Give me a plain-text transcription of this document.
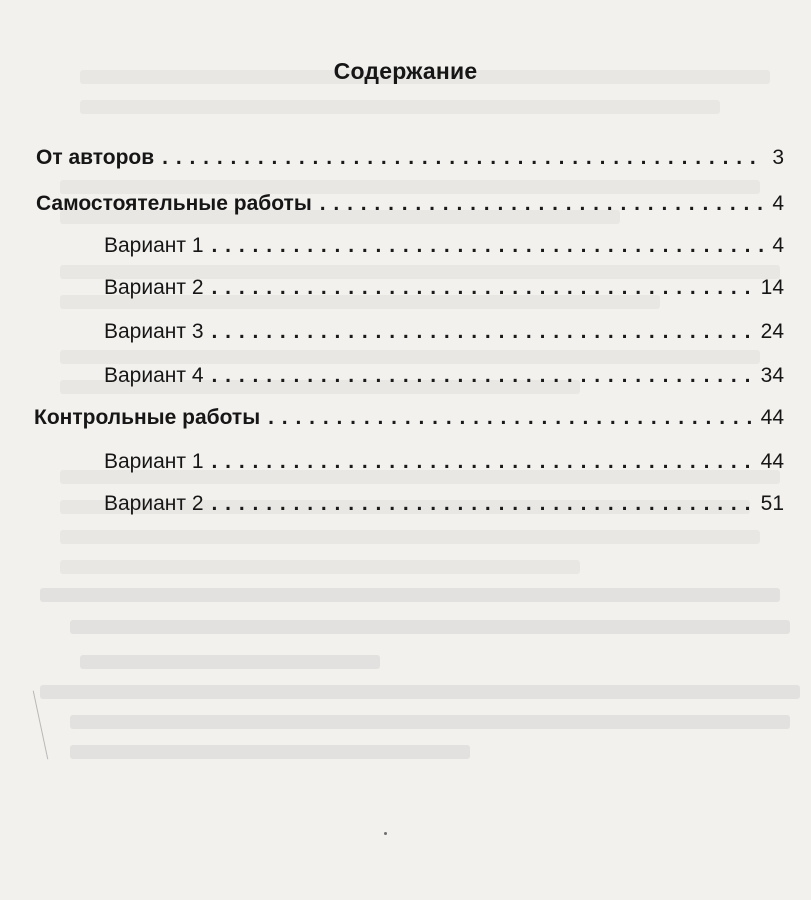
Содержание
От авторов . . .	3
Самостоятельные работы . . .	4
Вариант 1 . . .	4
Вариант 2 . . .	14
Вариант 3 . . .	24
Вариант 4 . . .	34
Контрольные работы . . .	44
Вариант 1 . . .	44
Вариант 2 . . .	51
